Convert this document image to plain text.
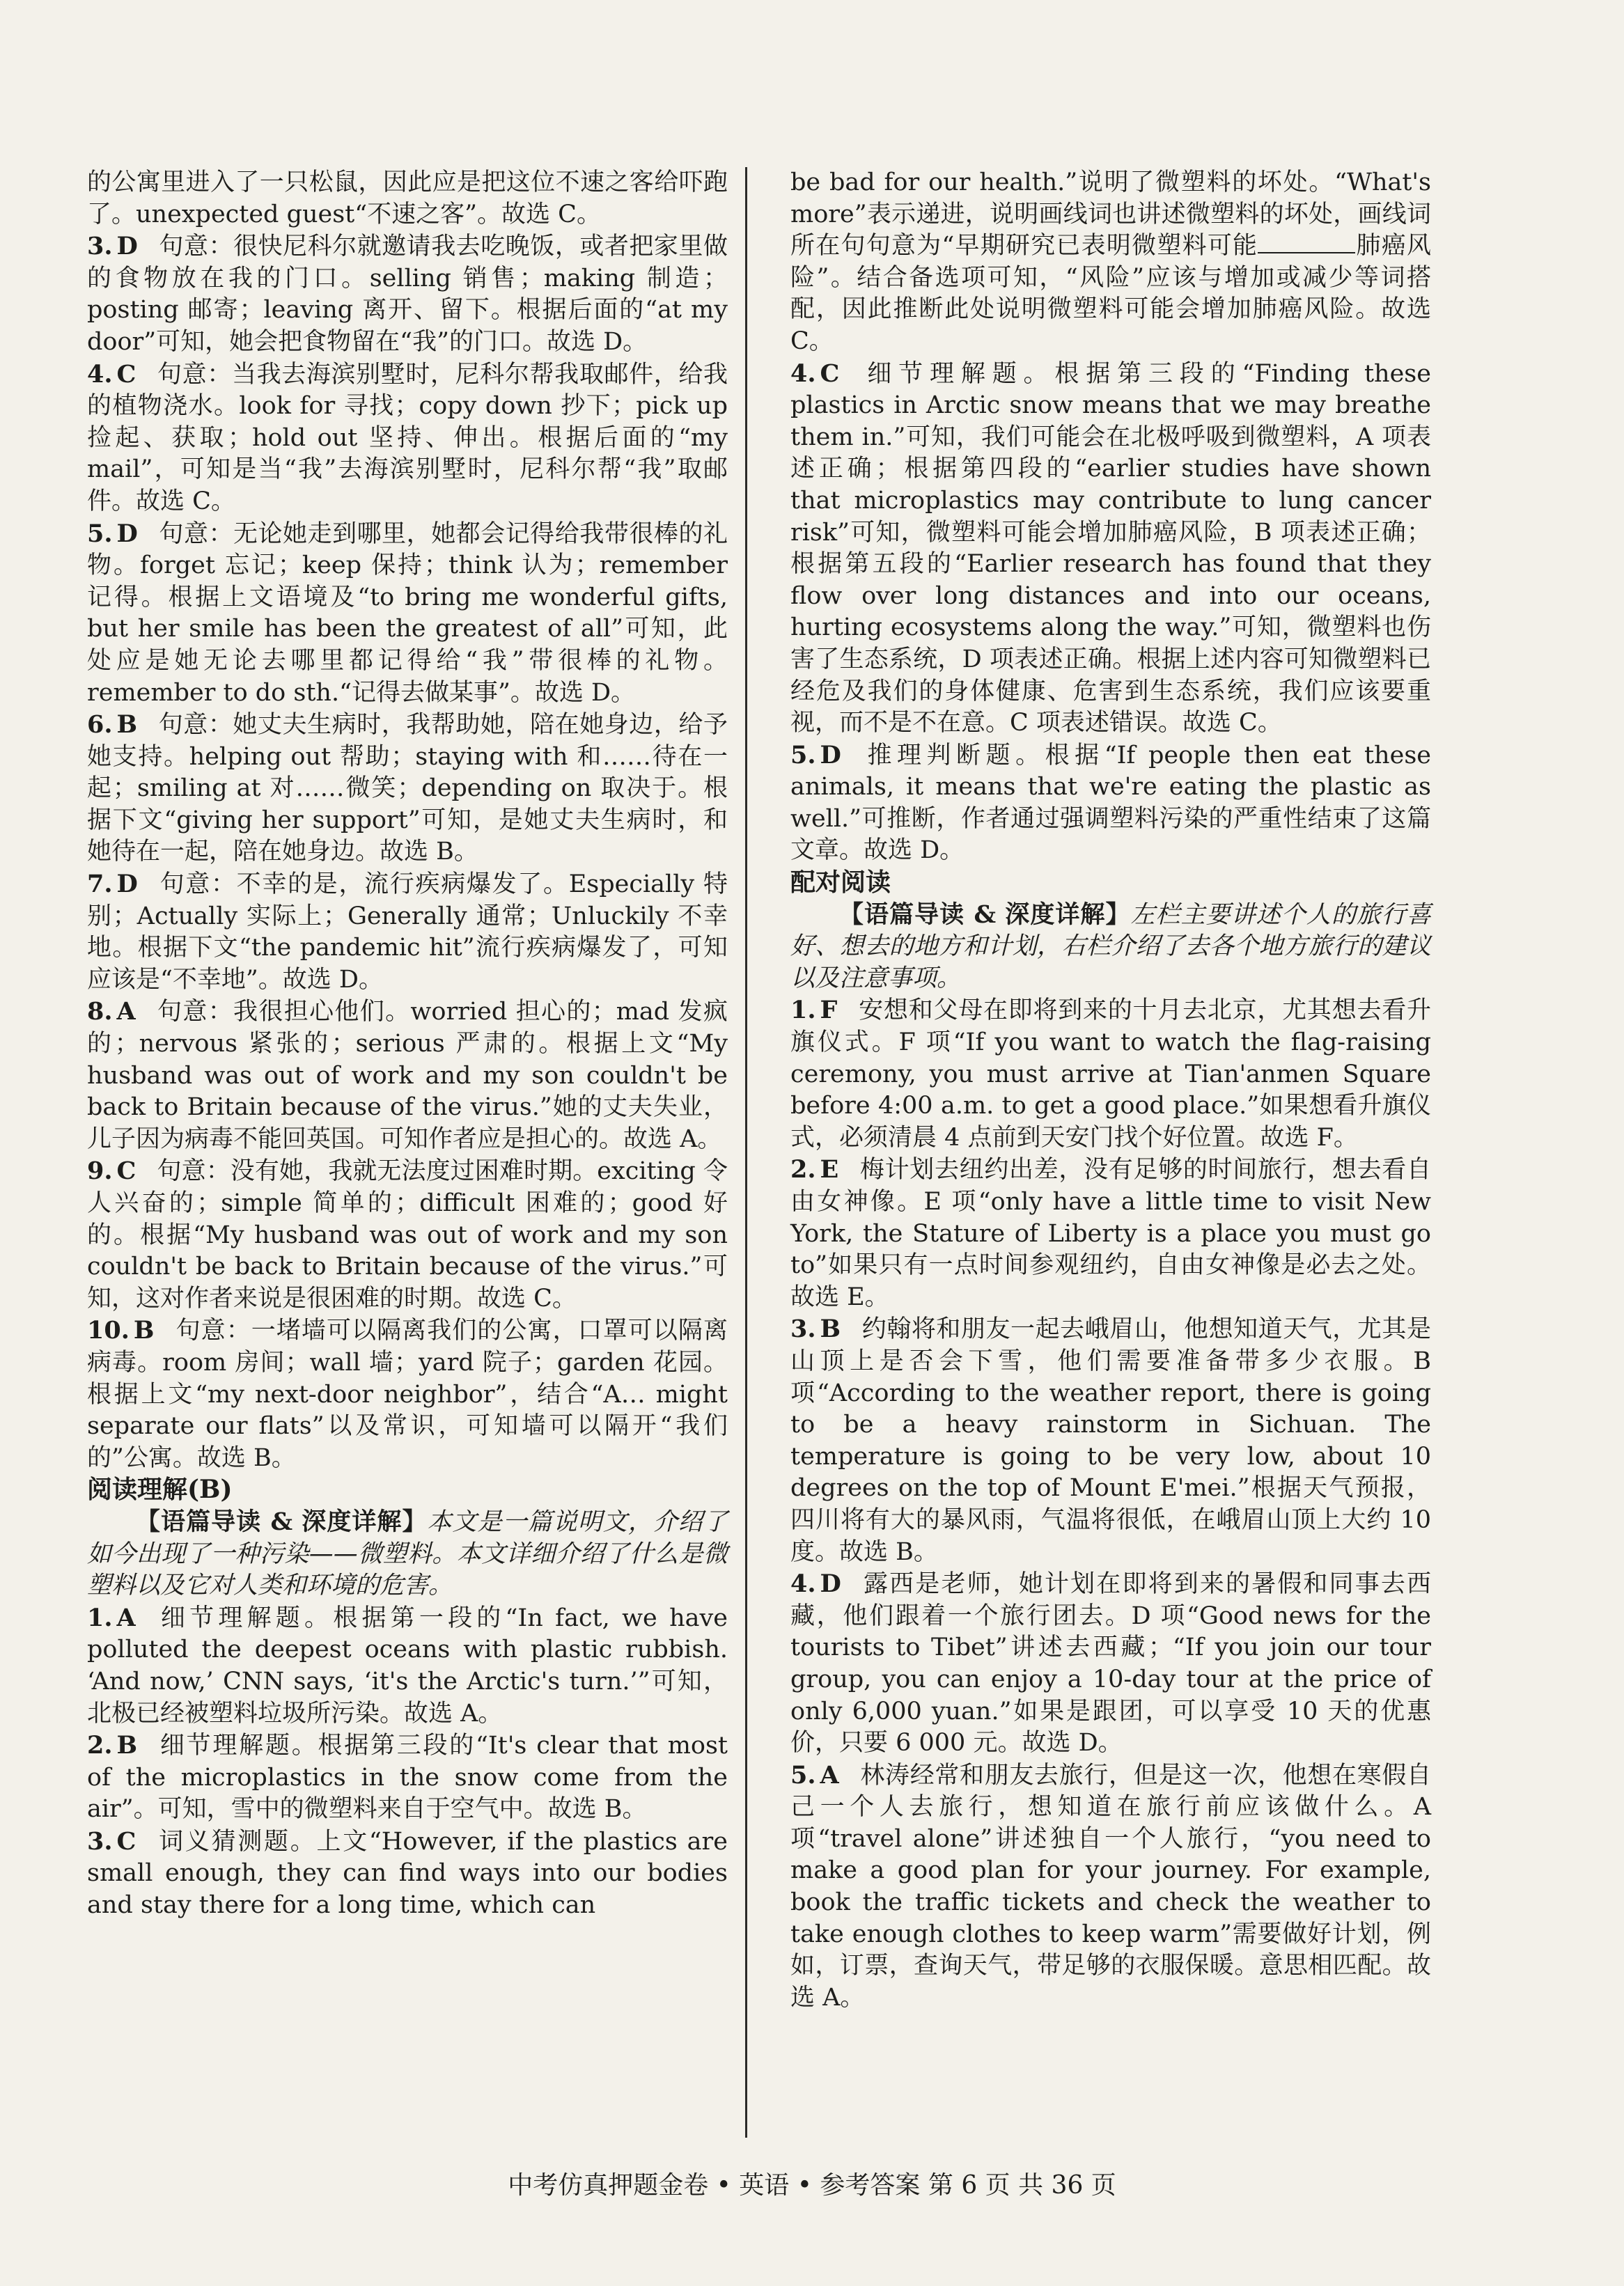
的公寓里进入了一只松鼠，因此应是把这位不速之客给吓跑了。unexpected guest“不速之客”。故选 C。

3. D 句意：很快尼科尔就邀请我去吃晚饭，或者把家里做的食物放在我的门口。selling 销售；making 制造；posting 邮寄；leaving 离开、留下。根据后面的“at my door”可知，她会把食物留在“我”的门口。故选 D。

4. C 句意：当我去海滨别墅时，尼科尔帮我取邮件，给我的植物浇水。look for 寻找；copy down 抄下；pick up 捡起、获取；hold out 坚持、伸出。根据后面的“my mail”，可知是当“我”去海滨别墅时，尼科尔帮“我”取邮件。故选 C。

5. D 句意：无论她走到哪里，她都会记得给我带很棒的礼物。forget 忘记；keep 保持；think 认为；remember 记得。根据上文语境及“to bring me wonderful gifts, but her smile has been the greatest of all”可知，此处应是她无论去哪里都记得给“我”带很棒的礼物。remember to do sth.“记得去做某事”。故选 D。

6. B 句意：她丈夫生病时，我帮助她，陪在她身边，给予她支持。helping out 帮助；staying with 和……待在一起；smiling at 对……微笑；depending on 取决于。根据下文“giving her support”可知，是她丈夫生病时，和她待在一起，陪在她身边。故选 B。

7. D 句意：不幸的是，流行疾病爆发了。Especially 特别；Actually 实际上；Generally 通常；Unluckily 不幸地。根据下文“the pandemic hit”流行疾病爆发了，可知应该是“不幸地”。故选 D。

8. A 句意：我很担心他们。worried 担心的；mad 发疯的；nervous 紧张的；serious 严肃的。根据上文“My husband was out of work and my son couldn't be back to Britain because of the virus.”她的丈夫失业，儿子因为病毒不能回英国。可知作者应是担心的。故选 A。

9. C 句意：没有她，我就无法度过困难时期。exciting 令人兴奋的；simple 简单的；difficult 困难的；good 好的。根据“My husband was out of work and my son couldn't be back to Britain because of the virus.”可知，这对作者来说是很困难的时期。故选 C。

10. B 句意：一堵墙可以隔离我们的公寓，口罩可以隔离病毒。room 房间；wall 墙；yard 院子；garden 花园。根据上文“my next-door neighbor”，结合“A… might separate our flats”以及常识，可知墙可以隔开“我们的”公寓。故选 B。

阅读理解(B)

【语篇导读 & 深度详解】本文是一篇说明文，介绍了如今出现了一种污染——微塑料。本文详细介绍了什么是微塑料以及它对人类和环境的危害。

1. A 细节理解题。根据第一段的“In fact, we have polluted the deepest oceans with plastic rubbish. ‘And now,’ CNN says, ‘it's the Arctic's turn.’”可知，北极已经被塑料垃圾所污染。故选 A。

2. B 细节理解题。根据第三段的“It's clear that most of the microplastics in the snow come from the air”。可知，雪中的微塑料来自于空气中。故选 B。

3. C 词义猜测题。上文“However, if the plastics are small enough, they can find ways into our bodies and stay there for a long time, which can

be bad for our health.”说明了微塑料的坏处。“What's more”表示递进，说明画线词也讲述微塑料的坏处，画线词所在句句意为“早期研究已表明微塑料可能	肺癌风险”。结合备选项可知，“风险”应该与增加或减少等词搭配，因此推断此处说明微塑料可能会增加肺癌风险。故选 C。

4. C 细节理解题。根据第三段的“Finding these plastics in Arctic snow means that we may breathe them in.”可知，我们可能会在北极呼吸到微塑料，A 项表述正确；根据第四段的“earlier studies have shown that microplastics may contribute to lung cancer risk”可知，微塑料可能会增加肺癌风险，B 项表述正确；根据第五段的“Earlier research has found that they flow over long distances and into our oceans, hurting ecosystems along the way.”可知，微塑料也伤害了生态系统，D 项表述正确。根据上述内容可知微塑料已经危及我们的身体健康、危害到生态系统，我们应该要重视，而不是不在意。C 项表述错误。故选 C。

5. D 推理判断题。根据“If people then eat these animals, it means that we're eating the plastic as well.”可推断，作者通过强调塑料污染的严重性结束了这篇文章。故选 D。

配对阅读

【语篇导读 & 深度详解】左栏主要讲述个人的旅行喜好、想去的地方和计划，右栏介绍了去各个地方旅行的建议以及注意事项。

1. F 安想和父母在即将到来的十月去北京，尤其想去看升旗仪式。F 项“If you want to watch the flag-raising ceremony, you must arrive at Tian'anmen Square before 4:00 a.m. to get a good place.”如果想看升旗仪式，必须清晨 4 点前到天安门找个好位置。故选 F。

2. E 梅计划去纽约出差，没有足够的时间旅行，想去看自由女神像。E 项“only have a little time to visit New York, the Stature of Liberty is a place you must go to”如果只有一点时间参观纽约，自由女神像是必去之处。故选 E。

3. B 约翰将和朋友一起去峨眉山，他想知道天气，尤其是山顶上是否会下雪，他们需要准备带多少衣服。B 项“According to the weather report, there is going to be a heavy rainstorm in Sichuan. The temperature is going to be very low, about 10 degrees on the top of Mount E'mei.”根据天气预报，四川将有大的暴风雨，气温将很低，在峨眉山顶上大约 10 度。故选 B。

4. D 露西是老师，她计划在即将到来的暑假和同事去西藏，他们跟着一个旅行团去。D 项“Good news for the tourists to Tibet”讲述去西藏；“If you join our tour group, you can enjoy a 10-day tour at the price of only 6,000 yuan.”如果是跟团，可以享受 10 天的优惠价，只要 6 000 元。故选 D。

5. A 林涛经常和朋友去旅行，但是这一次，他想在寒假自己一个人去旅行，想知道在旅行前应该做什么。A 项“travel alone”讲述独自一个人旅行，“you need to make a good plan for your journey. For example, book the traffic tickets and check the weather to take enough clothes to keep warm”需要做好计划，例如，订票，查询天气，带足够的衣服保暖。意思相匹配。故选 A。

中考仿真押题金卷 • 英语 • 参考答案 第 6 页 共 36 页
